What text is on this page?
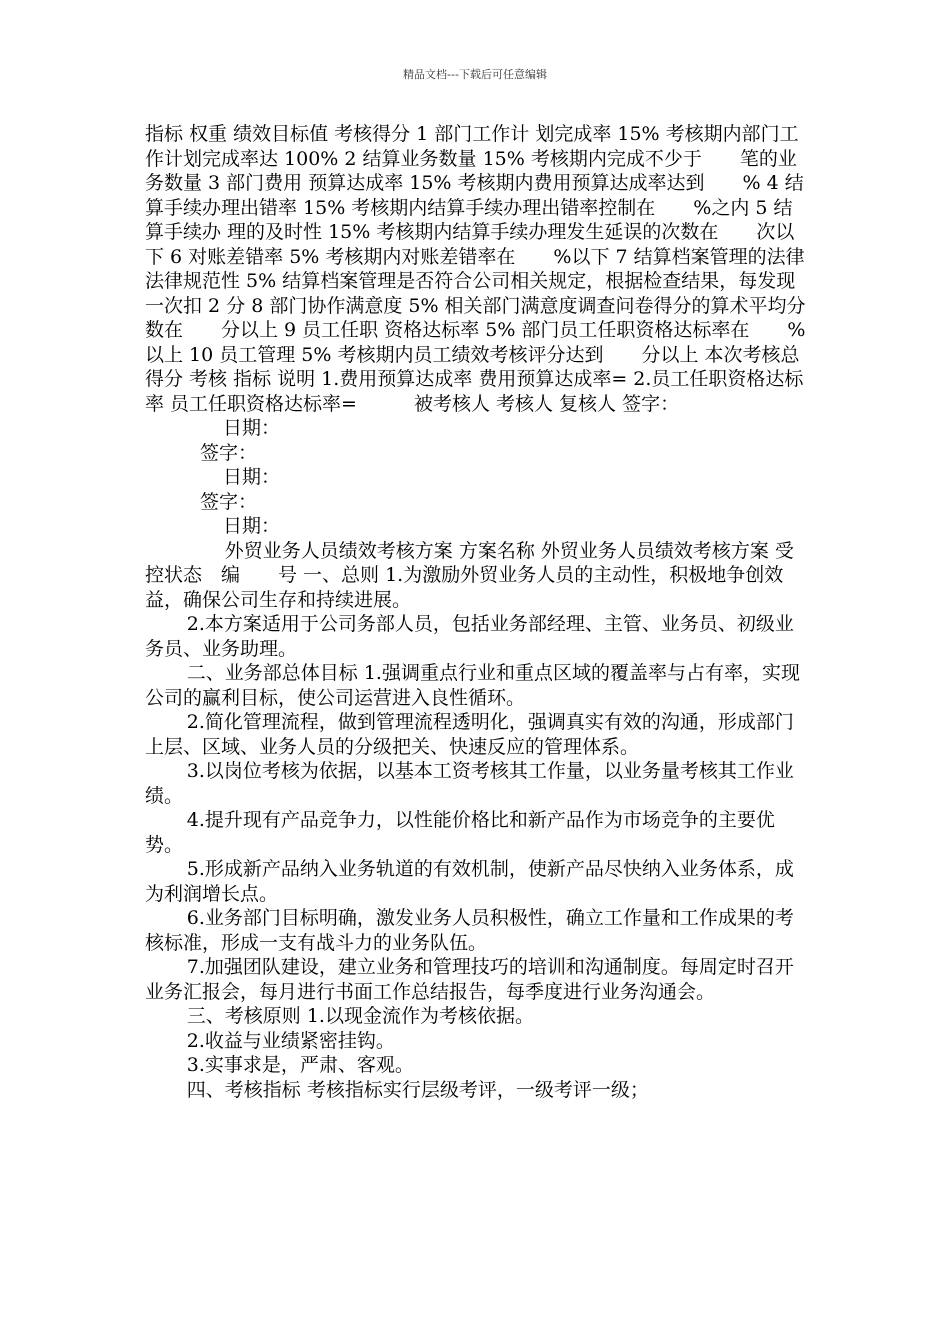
精品文档---下载后可任意编辑

指标 权重 绩效目标值 考核得分 1 部门工作计 划完成率 15% 考核期内部门工作计划完成率达 100% 2 结算业务数量 15% 考核期内完成不少于　　笔的业务数量 3 部门费用 预算达成率 15% 考核期内费用预算达成率达到　　% 4 结算手续办理出错率 15% 考核期内结算手续办理出错率控制在　　%之内 5 结算手续办 理的及时性 15% 考核期内结算手续办理发生延误的次数在　　次以下 6 对账差错率 5% 考核期内对账差错率在　　%以下 7 结算档案管理的法律法律规范性 5% 结算档案管理是否符合公司相关规定，根据检查结果，每发现一次扣 2 分 8 部门协作满意度 5% 相关部门满意度调查问卷得分的算术平均分数在　　分以上 9 员工任职 资格达标率 5% 部门员工任职资格达标率在　　%以上 10 员工管理 5% 考核期内员工绩效考核评分达到　　分以上 本次考核总得分 考核 指标 说明 1.费用预算达成率 费用预算达成率= 2.员工任职资格达标率 员工任职资格达标率=　　　被考核人 考核人 复核人 签字：

日期：

签字：

日期：

签字：

日期：

外贸业务人员绩效考核方案 方案名称 外贸业务人员绩效考核方案 受控状态　编　　号 一、总则 1.为激励外贸业务人员的主动性，积极地争创效益，确保公司生存和持续进展。

2.本方案适用于公司务部人员，包括业务部经理、主管、业务员、初级业务员、业务助理。

二、业务部总体目标 1.强调重点行业和重点区域的覆盖率与占有率，实现公司的赢利目标，使公司运营进入良性循环。

2.简化管理流程，做到管理流程透明化，强调真实有效的沟通，形成部门上层、区域、业务人员的分级把关、快速反应的管理体系。

3.以岗位考核为依据，以基本工资考核其工作量，以业务量考核其工作业绩。

4.提升现有产品竞争力，以性能价格比和新产品作为市场竞争的主要优势。

5.形成新产品纳入业务轨道的有效机制，使新产品尽快纳入业务体系，成为利润增长点。

6.业务部门目标明确，激发业务人员积极性，确立工作量和工作成果的考核标准，形成一支有战斗力的业务队伍。

7.加强团队建设，建立业务和管理技巧的培训和沟通制度。每周定时召开业务汇报会，每月进行书面工作总结报告，每季度进行业务沟通会。

三、考核原则 1.以现金流作为考核依据。

2.收益与业绩紧密挂钩。

3.实事求是，严肃、客观。

四、考核指标 考核指标实行层级考评，一级考评一级；
